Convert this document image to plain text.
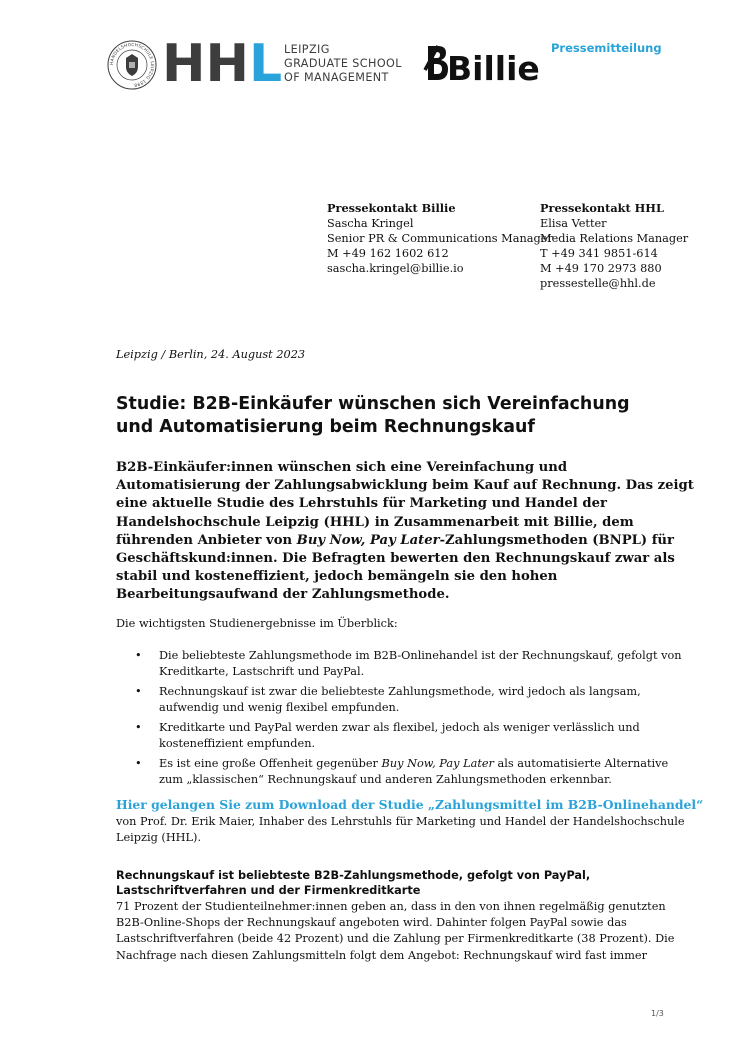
HANDELSHOCHSCHULE LEIPZIG 1898 HHL LEIPZIG
GRADUATE SCHOOL
OF MANAGEMENT	Billie
Pressemitteilung
Pressekontakt Billie
Sascha Kringel
Senior PR & Communications Manager
M +49 162 1602 612
sascha.kringel@billie.io
Pressekontakt HHL
Elisa Vetter
Media Relations Manager
T +49 341 9851-614
M +49 170 2973 880
pressestelle@hhl.de
Leipzig / Berlin, 24. August 2023
Studie: B2B-Einkäufer wünschen sich Vereinfachung
und Automatisierung beim Rechnungskauf
B2B-Einkäufer:innen wünschen sich eine Vereinfachung und
Automatisierung der Zahlungsabwicklung beim Kauf auf Rechnung. Das zeigt
eine aktuelle Studie des Lehrstuhls für Marketing und Handel der
Handelshochschule Leipzig (HHL) in Zusammenarbeit mit Billie, dem
führenden Anbieter von Buy Now, Pay Later-Zahlungsmethoden (BNPL) für
Geschäftskund:innen. Die Befragten bewerten den Rechnungskauf zwar als
stabil und kosteneffizient, jedoch bemängeln sie den hohen
Bearbeitungsaufwand der Zahlungsmethode.
Die wichtigsten Studienergebnisse im Überblick:
• Die beliebteste Zahlungsmethode im B2B-Onlinehandel ist der Rechnungskauf, gefolgt von
Kreditkarte, Lastschrift und PayPal.
• Rechnungskauf ist zwar die beliebteste Zahlungsmethode, wird jedoch als langsam,
aufwendig und wenig flexibel empfunden.
• Kreditkarte und PayPal werden zwar als flexibel, jedoch als weniger verlässlich und
kosteneffizient empfunden.
• Es ist eine große Offenheit gegenüber Buy Now, Pay Later als automatisierte Alternative
zum „klassischen“ Rechnungskauf und anderen Zahlungsmethoden erkennbar.
Hier gelangen Sie zum Download der Studie „Zahlungsmittel im B2B-Onlinehandel“
von Prof. Dr. Erik Maier, Inhaber des Lehrstuhls für Marketing und Handel der Handelshochschule
Leipzig (HHL).
Rechnungskauf ist beliebteste B2B-Zahlungsmethode, gefolgt von PayPal,
Lastschriftverfahren und der Firmenkreditkarte
71 Prozent der Studienteilnehmer:innen geben an, dass in den von ihnen regelmäßig genutzten
B2B-Online-Shops der Rechnungskauf angeboten wird. Dahinter folgen PayPal sowie das
Lastschriftverfahren (beide 42 Prozent) und die Zahlung per Firmenkreditkarte (38 Prozent). Die
Nachfrage nach diesen Zahlungsmitteln folgt dem Angebot: Rechnungskauf wird fast immer
1/3
